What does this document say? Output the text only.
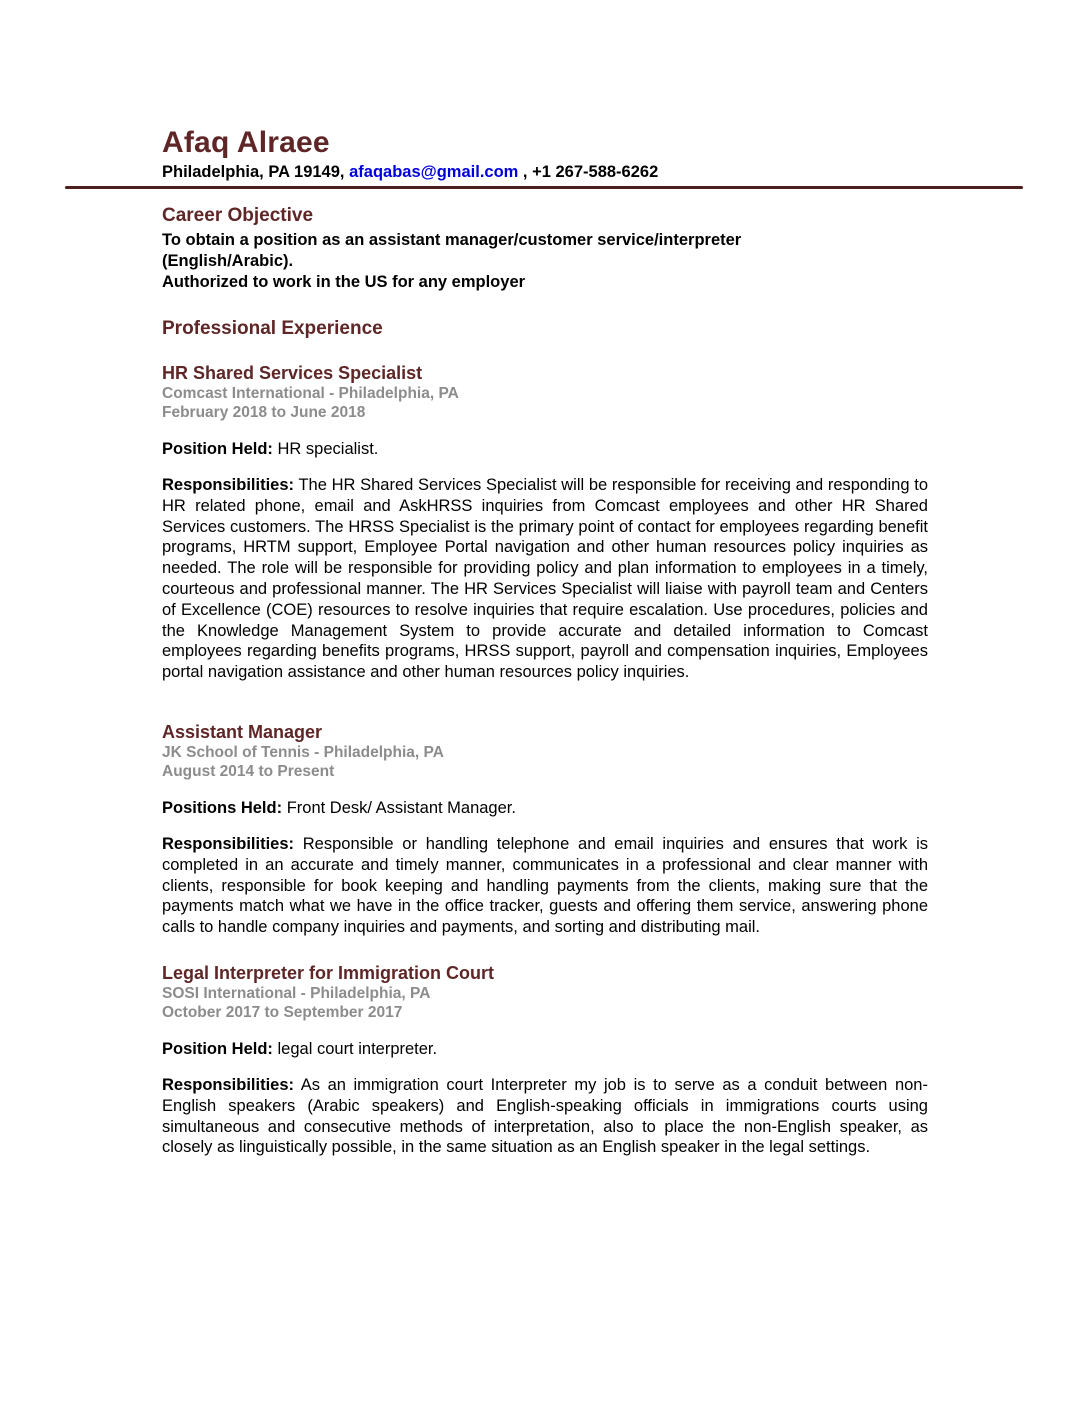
Afaq Alraee
Philadelphia, PA 19149, afaqabas@gmail.com , +1 267-588-6262
Career Objective
To obtain a position as an assistant manager/customer service/interpreter
(English/Arabic).
Authorized to work in the US for any employer
Professional Experience
HR Shared Services Specialist
Comcast International - Philadelphia, PA
February 2018 to June 2018

Position Held: HR specialist.

Responsibilities: The HR Shared Services Specialist will be responsible for receiving and responding to HR related phone, email and AskHRSS inquiries from Comcast employees and other HR Shared Services customers. The HRSS Specialist is the primary point of contact for employees regarding benefit programs, HRTM support, Employee Portal navigation and other human resources policy inquiries as needed. The role will be responsible for providing policy and plan information to employees in a timely, courteous and professional manner. The HR Services Specialist will liaise with payroll team and Centers of Excellence (COE) resources to resolve inquiries that require escalation. Use procedures, policies and the Knowledge Management System to provide accurate and detailed information to Comcast employees regarding benefits programs, HRSS support, payroll and compensation inquiries, Employees portal navigation assistance and other human resources policy inquiries.

Assistant Manager
JK School of Tennis - Philadelphia, PA
August 2014 to Present

Positions Held: Front Desk/ Assistant Manager.

Responsibilities: Responsible or handling telephone and email inquiries and ensures that work is completed in an accurate and timely manner, communicates in a professional and clear manner with clients, responsible for book keeping and handling payments from the clients, making sure that the payments match what we have in the office tracker, guests and offering them service, answering phone calls to handle company inquiries and payments, and sorting and distributing mail.

Legal Interpreter for Immigration Court
SOSI International - Philadelphia, PA
October 2017 to September 2017

Position Held: legal court interpreter.

Responsibilities: As an immigration court Interpreter my job is to serve as a conduit between non-English speakers (Arabic speakers) and English-speaking officials in immigrations courts using simultaneous and consecutive methods of interpretation, also to place the non-English speaker, as closely as linguistically possible, in the same situation as an English speaker in the legal settings.
